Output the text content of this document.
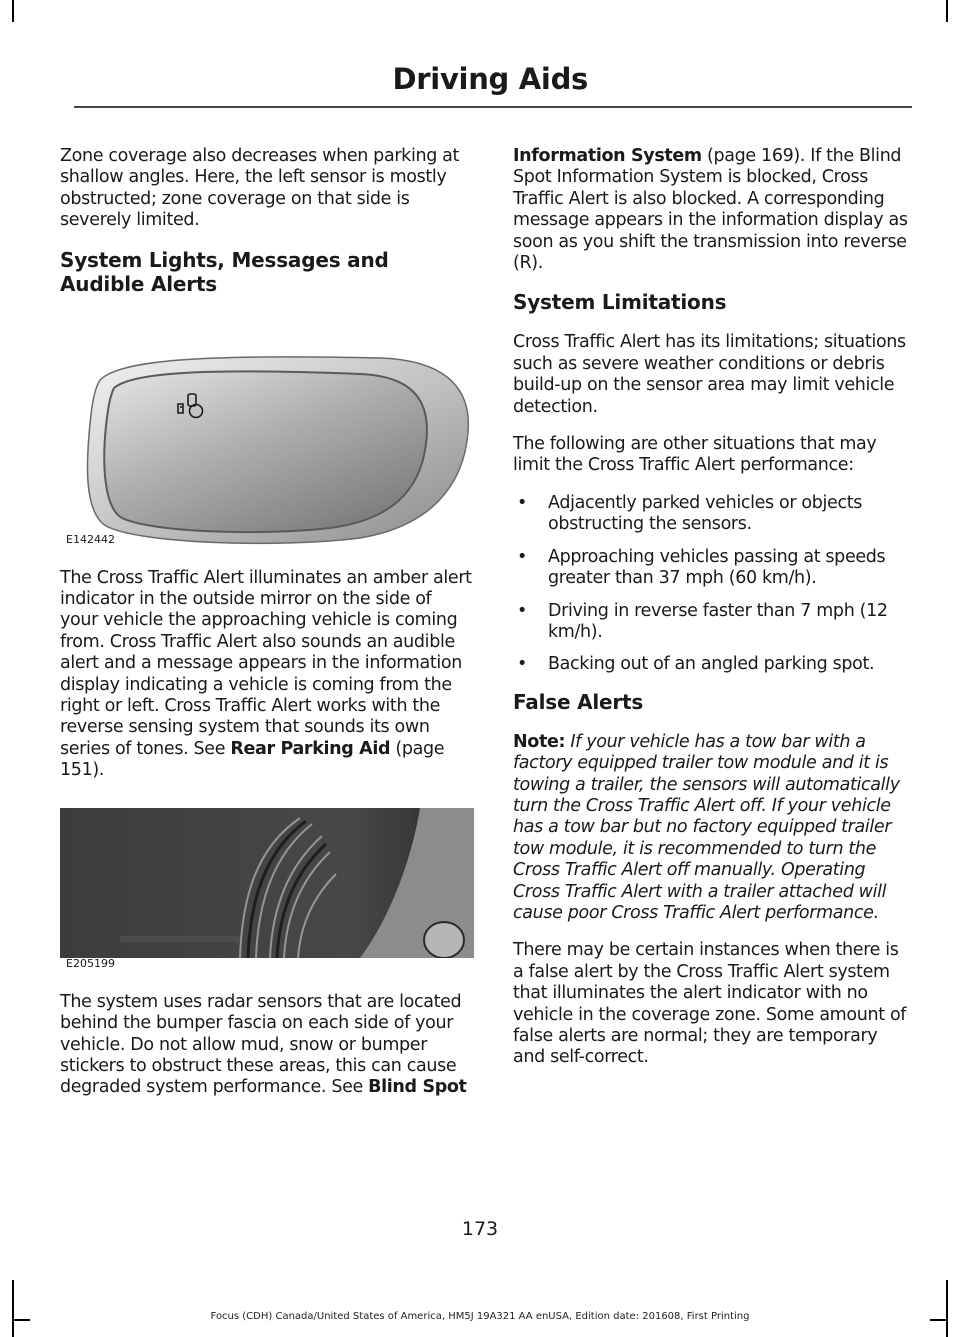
Driving Aids

Zone coverage also decreases when parking at shallow angles. Here, the left sensor is mostly obstructed; zone coverage on that side is severely limited.

System Lights, Messages and Audible Alerts
E142442

The Cross Traffic Alert illuminates an amber alert indicator in the outside mirror on the side of your vehicle the approaching vehicle is coming from. Cross Traffic Alert also sounds an audible alert and a message appears in the information display indicating a vehicle is coming from the right or left. Cross Traffic Alert works with the reverse sensing system that sounds its own series of tones. See Rear Parking Aid (page 151).

E205199

The system uses radar sensors that are located behind the bumper fascia on each side of your vehicle. Do not allow mud, snow or bumper stickers to obstruct these areas, this can cause degraded system performance. See Blind Spot

Information System (page 169). If the Blind Spot Information System is blocked, Cross Traffic Alert is also blocked. A corresponding message appears in the information display as soon as you shift the transmission into reverse (R).

System Limitations

Cross Traffic Alert has its limitations; situations such as severe weather conditions or debris build-up on the sensor area may limit vehicle detection.

The following are other situations that may limit the Cross Traffic Alert performance:

• Adjacently parked vehicles or objects obstructing the sensors.
• Approaching vehicles passing at speeds greater than 37 mph (60 km/h).
• Driving in reverse faster than 7 mph (12 km/h).
• Backing out of an angled parking spot.
False Alerts

Note: If your vehicle has a tow bar with a factory equipped trailer tow module and it is towing a trailer, the sensors will automatically turn the Cross Traffic Alert off. If your vehicle has a tow bar but no factory equipped trailer tow module, it is recommended to turn the Cross Traffic Alert off manually. Operating Cross Traffic Alert with a trailer attached will cause poor Cross Traffic Alert performance.

There may be certain instances when there is a false alert by the Cross Traffic Alert system that illuminates the alert indicator with no vehicle in the coverage zone. Some amount of false alerts are normal; they are temporary and self-correct.

173
Focus (CDH) Canada/United States of America, HM5J 19A321 AA enUSA, Edition date: 201608, First Printing
